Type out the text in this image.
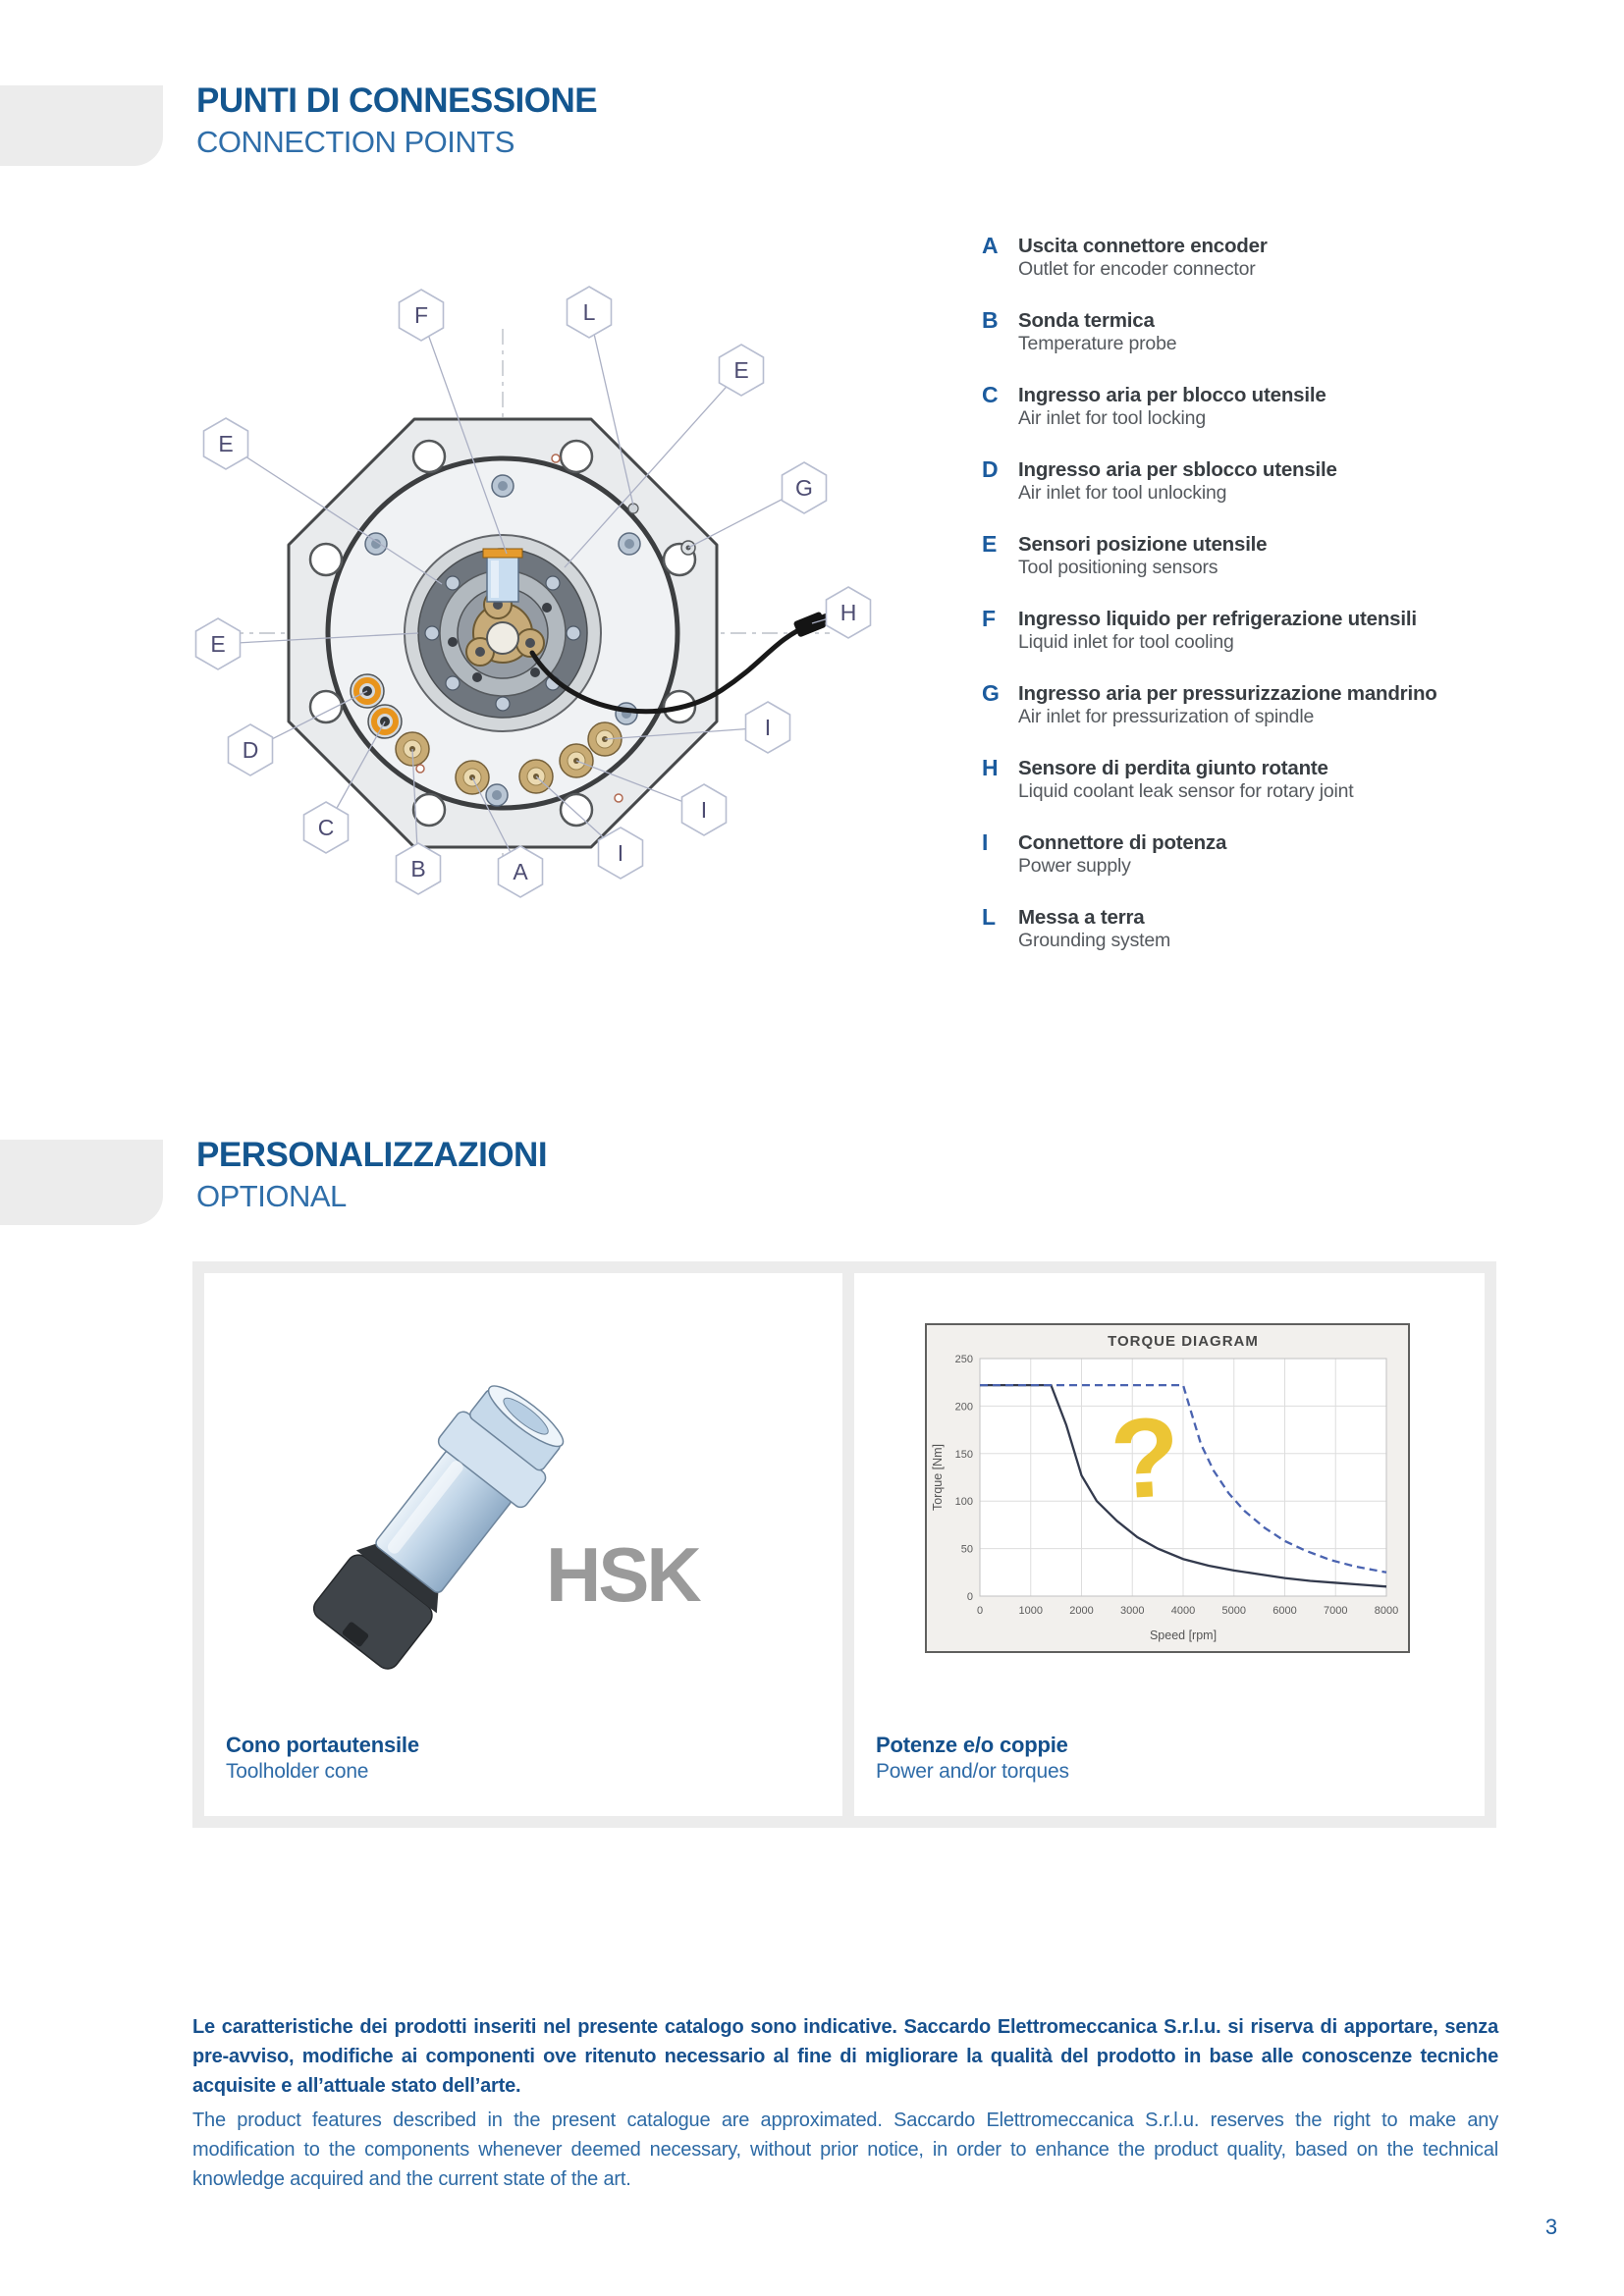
PUNTI DI CONNESSIONE
CONNECTION POINTS
F	L
E
E
G
E
H
D
I
C
I
B	A
I
A Uscita connettore encoder
Outlet for encoder connector
B Sonda termica
Temperature probe
C Ingresso aria per blocco utensile
Air inlet for tool locking
D Ingresso aria per sblocco utensile
Air inlet for tool unlocking
E	Sensori posizione utensile
Tool positioning sensors
F	Ingresso liquido per refrigerazione utensili
Liquid inlet for tool cooling
G Ingresso aria per pressurizzazione mandrino
Air inlet for pressurization of spindle
H Sensore di perdita giunto rotante
Liquid coolant leak sensor for rotary joint
I	Connettore di potenza
Power supply
L	Messa a terra
Grounding system
PERSONALIZZAZIONI
OPTIONAL
HSK
Cono portautensile
Toolholder cone
0	1000 2000 3000 4000 5000 6000 7000 8000
0
50
100
150
200
250
TORQUE DIAGRAM
Speed [rpm]
Torque [Nm] ?
Potenze e/o coppie
Power and/or torques

Le caratteristiche dei prodotti inseriti nel presente catalogo sono indicative. Saccardo Elettromeccanica S.r.l.u. si riserva di apportare, senza pre-avviso, modifiche ai componenti ove ritenuto necessario al fine di migliorare la qualità del prodotto in base alle conoscenze tecniche acquisite e all’attuale stato dell’arte.

The product features described in the present catalogue are approximated. Saccardo Elettromeccanica S.r.l.u. reserves the right to make any modification to the components whenever deemed necessary, without prior notice, in order to enhance the product quality, based on the technical knowledge acquired and the current state of the art.

3
